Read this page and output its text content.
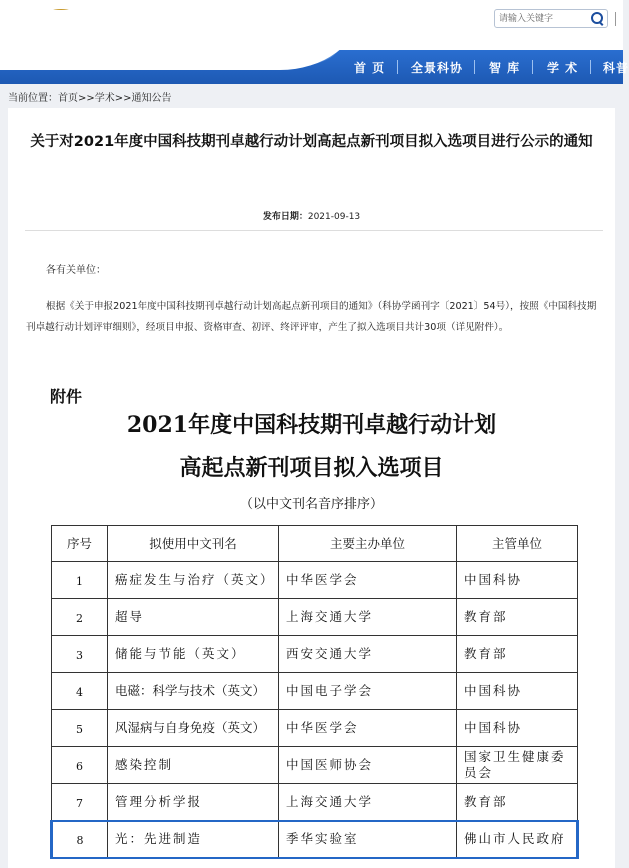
请输入关键字
首 页 全景科协 智 库 学 术 科普
当前位置：首页>>学术>>通知公告
关于对2021年度中国科技期刊卓越行动计划高起点新刊项目拟入选项目进行公示的通知
发布日期：2021-09-13
各有关单位：
根据《关于申报2021年度中国科技期刊卓越行动计划高起点新刊项目的通知》（科协学函刊字〔2021〕54号），按照《中国科技期刊卓越行动计划评审细则》，经项目申报、资格审查、初评、终评评审，产生了拟入选项目共计30项（详见附件）。
附件
2021年度中国科技期刊卓越行动计划
高起点新刊项目拟入选项目
（以中文刊名音序排序）
序号	拟使用中文刊名	主要主办单位	主管单位
1	癌症发生与治疗（英文）	中华医学会	中国科协
2	超导	上海交通大学	教育部
3	储能与节能（英文）	西安交通大学	教育部
4	电磁：科学与技术（英文）	中国电子学会	中国科协
5	风湿病与自身免疫（英文）	中华医学会	中国科协
6	感染控制	中国医师协会	国家卫生健康委员会
7	管理分析学报	上海交通大学	教育部
8	光：先进制造	季华实验室	佛山市人民政府
